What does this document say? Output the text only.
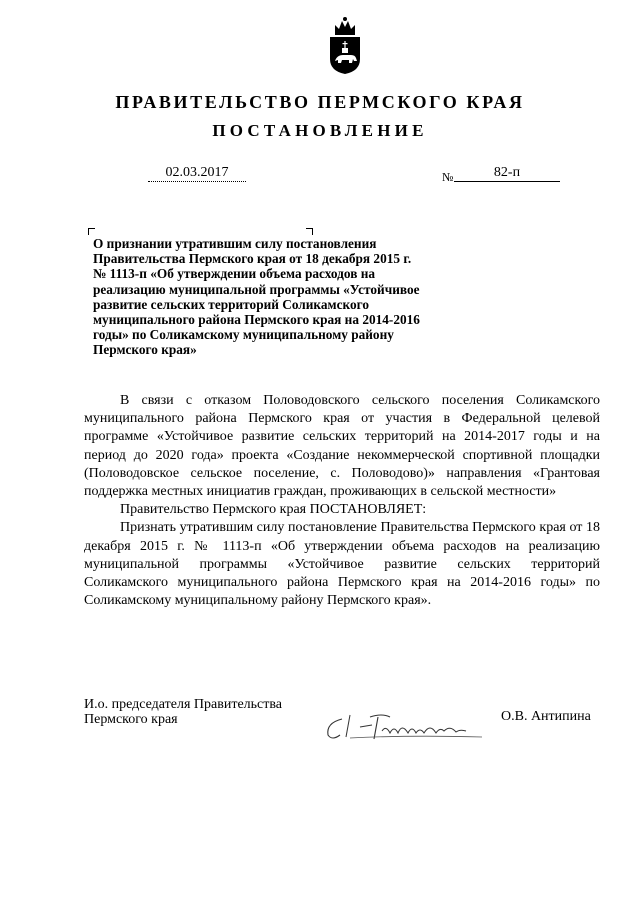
ПРАВИТЕЛЬСТВО ПЕРМСКОГО КРАЯ
ПОСТАНОВЛЕНИЕ
02.03.2017	№	82-п
О признании утратившим силу постановления Правительства Пермского края от 18 декабря 2015 г. № 1113-п «Об утверждении объема расходов на реализацию муниципальной программы «Устойчивое развитие сельских территорий Соликамского муниципального района Пермского края на 2014-2016 годы» по Соликамскому муниципальному району Пермского края»

В связи с отказом Половодовского сельского поселения Соликамского муниципального района Пермского края от участия в Федеральной целевой программе «Устойчивое развитие сельских территорий на 2014-2017 годы и на период до 2020 года» проекта «Создание некоммерческой спортивной площадки (Половодовское сельское поселение, с. Половодово)» направления «Грантовая поддержка местных инициатив граждан, проживающих в сельской местности»

Правительство Пермского края ПОСТАНОВЛЯЕТ:

Признать утратившим силу постановление Правительства Пермского края от 18 декабря 2015 г. № 1113-п «Об утверждении объема расходов на реализацию муниципальной программы «Устойчивое развитие сельских территорий Соликамского муниципального района Пермского края на 2014-2016 годы» по Соликамскому муниципальному району Пермского края».

И.о. председателя Правительства
Пермского края	О.В. Антипина
